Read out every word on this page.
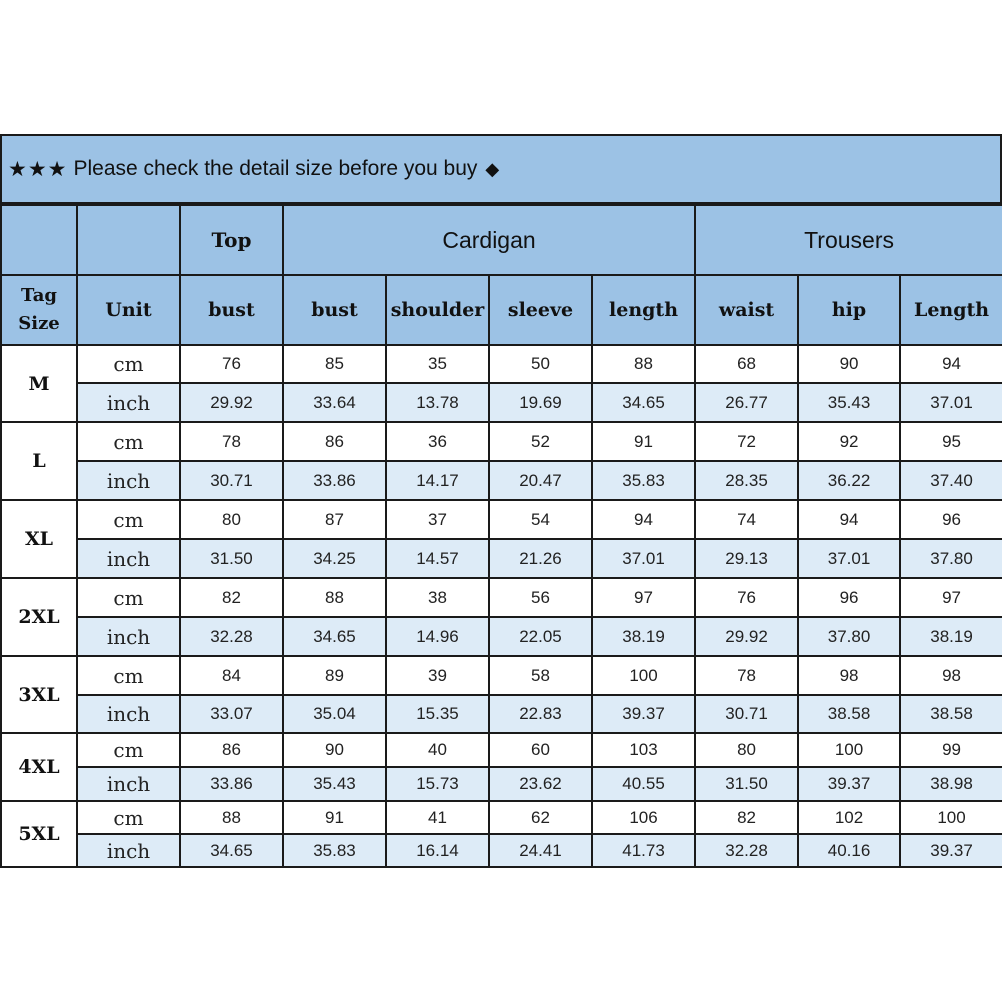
★★★ Please check the detail size before you buy ◆
		Top	Cardigan				Trousers		
Tag Size	Unit	bust	bust	shoulder	sleeve	length	waist	hip	Length
M	cm	76	85	35	50	88	68	90	94
	inch	29.92	33.64	13.78	19.69	34.65	26.77	35.43	37.01
L	cm	78	86	36	52	91	72	92	95
	inch	30.71	33.86	14.17	20.47	35.83	28.35	36.22	37.40
XL	cm	80	87	37	54	94	74	94	96
	inch	31.50	34.25	14.57	21.26	37.01	29.13	37.01	37.80
2XL	cm	82	88	38	56	97	76	96	97
	inch	32.28	34.65	14.96	22.05	38.19	29.92	37.80	38.19
3XL	cm	84	89	39	58	100	78	98	98
	inch	33.07	35.04	15.35	22.83	39.37	30.71	38.58	38.58
4XL	cm	86	90	40	60	103	80	100	99
	inch	33.86	35.43	15.73	23.62	40.55	31.50	39.37	38.98
5XL	cm	88	91	41	62	106	82	102	100
	inch	34.65	35.83	16.14	24.41	41.73	32.28	40.16	39.37
